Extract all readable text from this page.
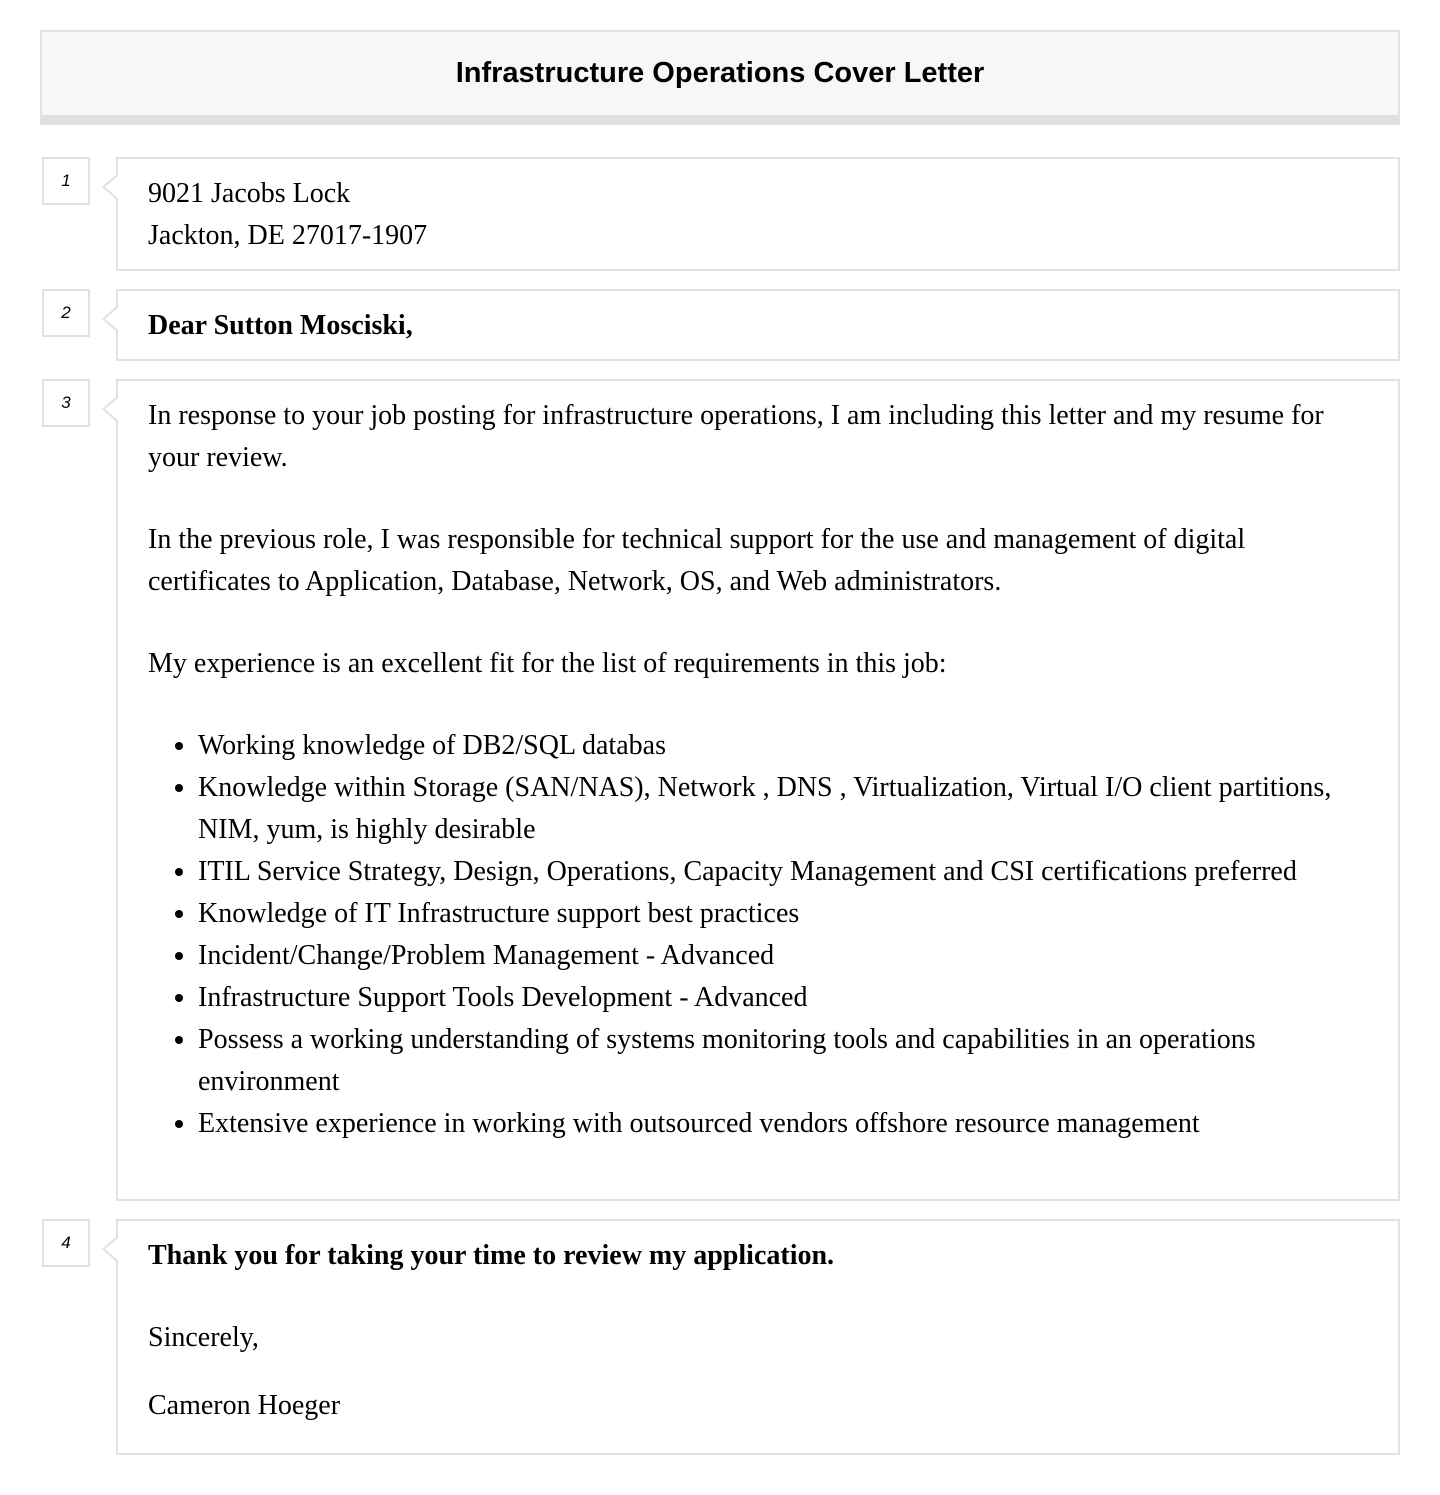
Infrastructure Operations Cover Letter
1	9021 Jacobs Lock

Jackton, DE 27017-1907

2	Dear Sutton Mosciski,

3	In response to your job posting for infrastructure operations, I am including this letter and my resume for your review.

In the previous role, I was responsible for technical support for the use and management of digital certificates to Application, Database, Network, OS, and Web administrators.

My experience is an excellent fit for the list of requirements in this job:

• Working knowledge of DB2/SQL databas
• Knowledge within Storage (SAN/NAS), Network , DNS , Virtualization, Virtual I/O client partitions, NIM, yum, is highly desirable
• ITIL Service Strategy, Design, Operations, Capacity Management and CSI certifications preferred
• Knowledge of IT Infrastructure support best practices
• Incident/Change/Problem Management - Advanced
• Infrastructure Support Tools Development - Advanced
• Possess a working understanding of systems monitoring tools and capabilities in an operations environment
• Extensive experience in working with outsourced vendors offshore resource management
4	Thank you for taking your time to review my application.

Sincerely,

Cameron Hoeger
